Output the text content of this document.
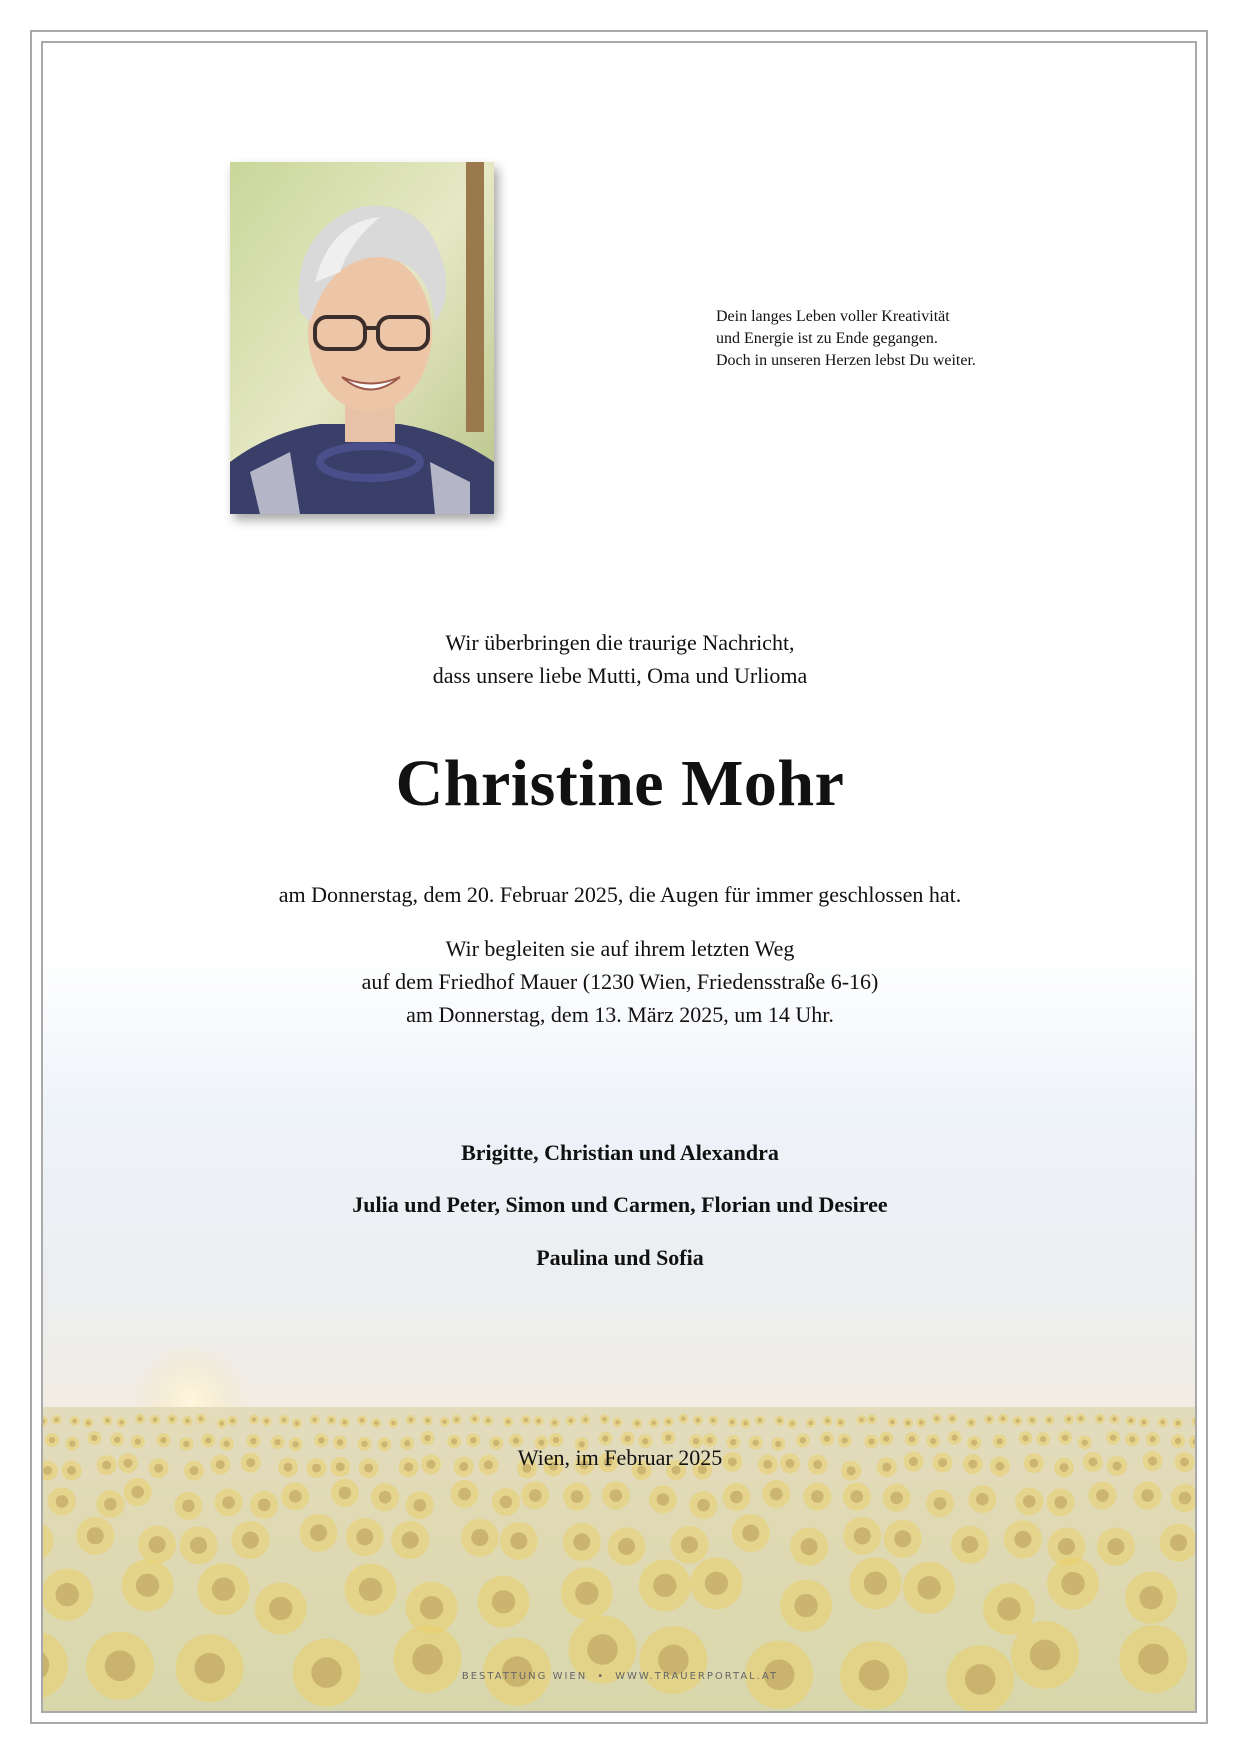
Dein langes Leben voller Kreativität
und Energie ist zu Ende gegangen.
Doch in unseren Herzen lebst Du weiter.
Wir überbringen die traurige Nachricht,
dass unsere liebe Mutti, Oma und Urlioma
Christine Mohr
am Donnerstag, dem 20. Februar 2025, die Augen für immer geschlossen hat.
Wir begleiten sie auf ihrem letzten Weg
auf dem Friedhof Mauer (1230 Wien, Friedensstraße 6-16)
am Donnerstag, dem 13. März 2025, um 14 Uhr.
Brigitte, Christian und Alexandra
Julia und Peter, Simon und Carmen, Florian und Desiree
Paulina und Sofia
Wien, im Februar 2025
BESTATTUNG WIEN • WWW.TRAUERPORTAL.AT
